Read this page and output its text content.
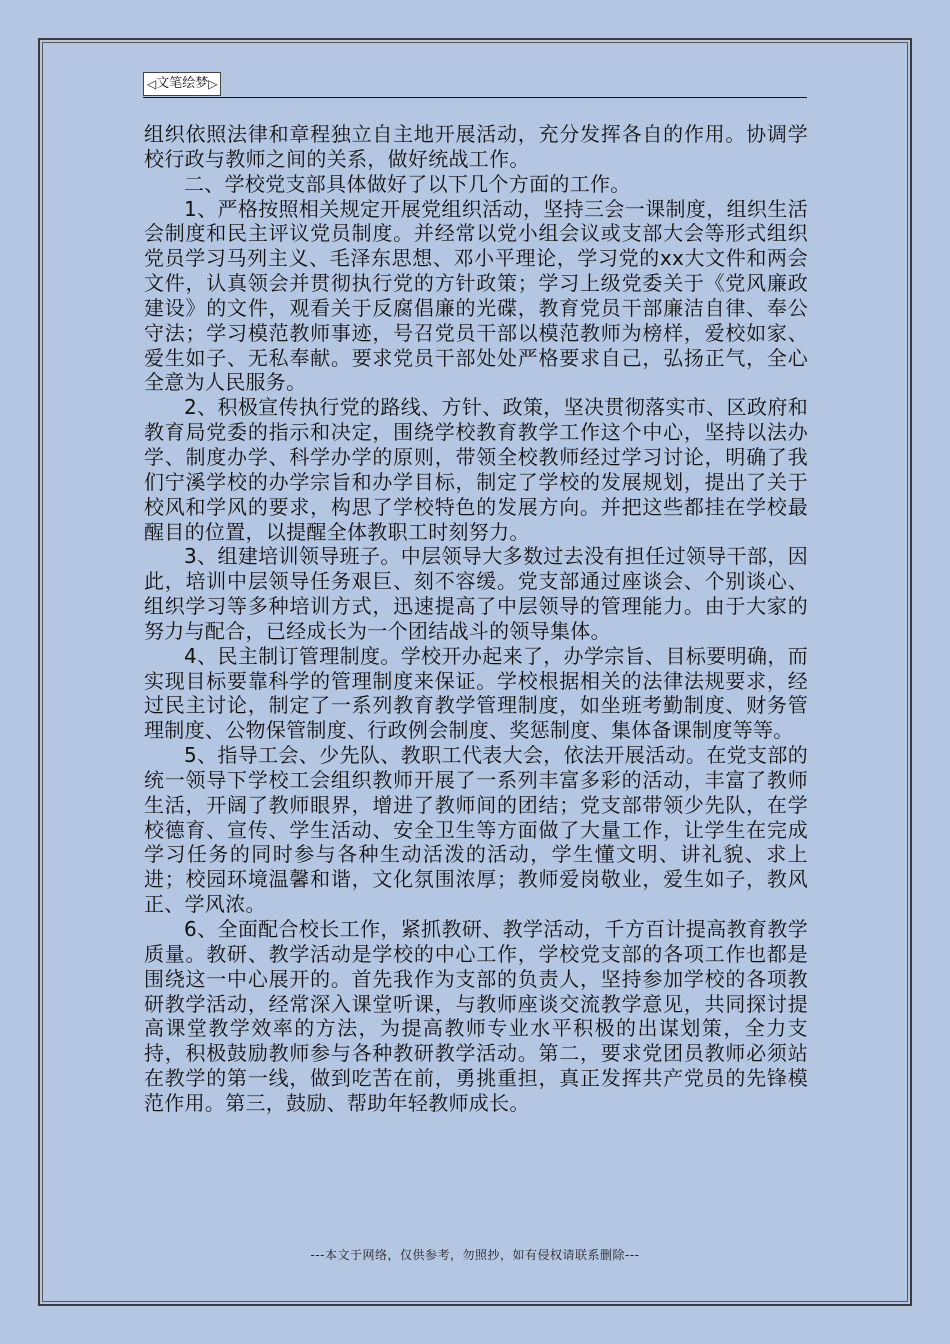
◁ 文笔绘梦 ▷

组织依照法律和章程独立自主地开展活动，充分发挥各自的作用。协调学校行政与教师之间的关系，做好统战工作。

二、学校党支部具体做好了以下几个方面的工作。

1、严格按照相关规定开展党组织活动，坚持三会一课制度，组织生活会制度和民主评议党员制度。并经常以党小组会议或支部大会等形式组织党员学习马列主义、毛泽东思想、邓小平理论，学习党的xx大文件和两会文件，认真领会并贯彻执行党的方针政策；学习上级党委关于《党风廉政建设》的文件，观看关于反腐倡廉的光碟，教育党员干部廉洁自律、奉公守法；学习模范教师事迹，号召党员干部以模范教师为榜样，爱校如家、爱生如子、无私奉献。要求党员干部处处严格要求自己，弘扬正气，全心全意为人民服务。

2、积极宣传执行党的路线、方针、政策，坚决贯彻落实市、区政府和教育局党委的指示和决定，围绕学校教育教学工作这个中心，坚持以法办学、制度办学、科学办学的原则，带领全校教师经过学习讨论，明确了我们宁溪学校的办学宗旨和办学目标，制定了学校的发展规划，提出了关于校风和学风的要求，构思了学校特色的发展方向。并把这些都挂在学校最醒目的位置，以提醒全体教职工时刻努力。

3、组建培训领导班子。中层领导大多数过去没有担任过领导干部，因此，培训中层领导任务艰巨、刻不容缓。党支部通过座谈会、个别谈心、组织学习等多种培训方式，迅速提高了中层领导的管理能力。由于大家的努力与配合，已经成长为一个团结战斗的领导集体。

4、民主制订管理制度。学校开办起来了，办学宗旨、目标要明确，而实现目标要靠科学的管理制度来保证。学校根据相关的法律法规要求，经过民主讨论，制定了一系列教育教学管理制度，如坐班考勤制度、财务管理制度、公物保管制度、行政例会制度、奖惩制度、集体备课制度等等。

5、指导工会、少先队、教职工代表大会，依法开展活动。在党支部的统一领导下学校工会组织教师开展了一系列丰富多彩的活动，丰富了教师生活，开阔了教师眼界，增进了教师间的团结；党支部带领少先队，在学校德育、宣传、学生活动、安全卫生等方面做了大量工作，让学生在完成学习任务的同时参与各种生动活泼的活动，学生懂文明、讲礼貌、求上进；校园环境温馨和谐，文化氛围浓厚；教师爱岗敬业，爱生如子，教风正、学风浓。

6、全面配合校长工作，紧抓教研、教学活动，千方百计提高教育教学质量。教研、教学活动是学校的中心工作，学校党支部的各项工作也都是围绕这一中心展开的。首先我作为支部的负责人，坚持参加学校的各项教研教学活动，经常深入课堂听课，与教师座谈交流教学意见，共同探讨提高课堂教学效率的方法，为提高教师专业水平积极的出谋划策，全力支持，积极鼓励教师参与各种教研教学活动。第二，要求党团员教师必须站在教学的第一线，做到吃苦在前，勇挑重担，真正发挥共产党员的先锋模范作用。第三，鼓励、帮助年轻教师成长。

---本文于网络，仅供参考，勿照抄，如有侵权请联系删除---
